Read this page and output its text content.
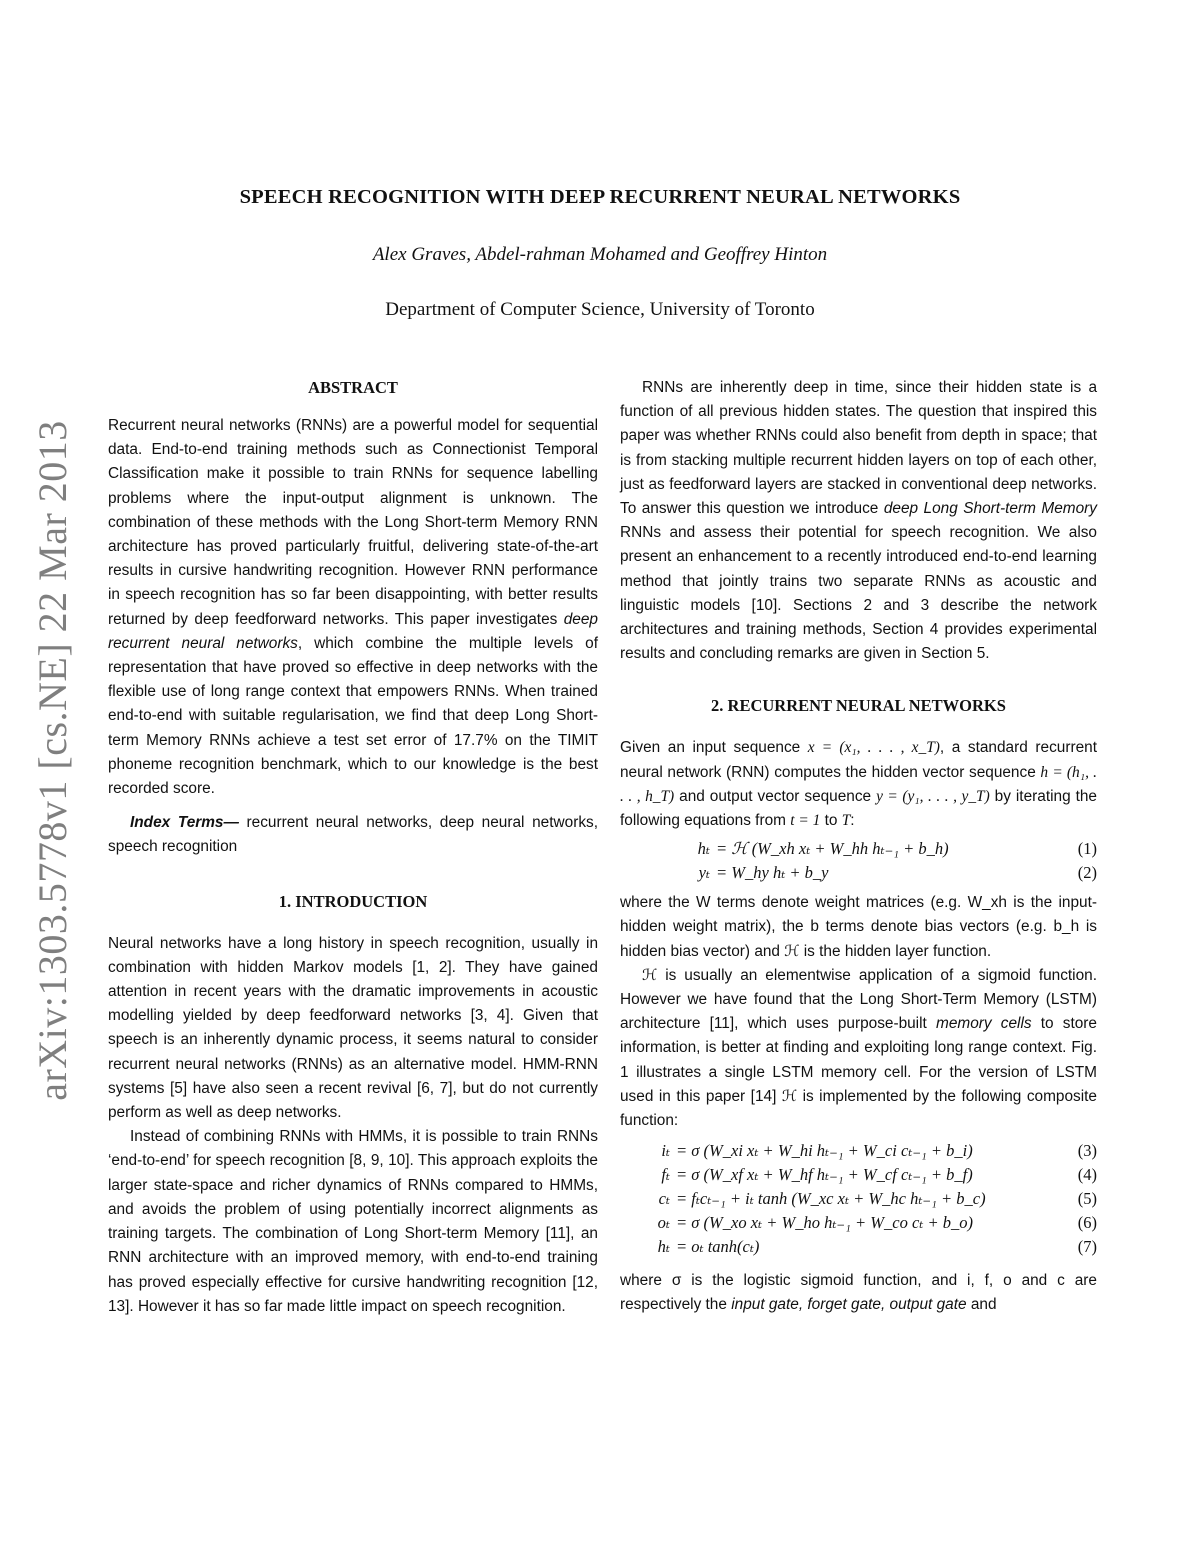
arXiv:1303.5778v1 [cs.NE] 22 Mar 2013
SPEECH RECOGNITION WITH DEEP RECURRENT NEURAL NETWORKS
Alex Graves, Abdel-rahman Mohamed and Geoffrey Hinton
Department of Computer Science, University of Toronto

ABSTRACT

Recurrent neural networks (RNNs) are a powerful model for sequential data. End-to-end training methods such as Connectionist Temporal Classification make it possible to train RNNs for sequence labelling problems where the input-output alignment is unknown. The combination of these methods with the Long Short-term Memory RNN architecture has proved particularly fruitful, delivering state-of-the-art results in cursive handwriting recognition. However RNN performance in speech recognition has so far been disappointing, with better results returned by deep feedforward networks. This paper investigates deep recurrent neural networks, which combine the multiple levels of representation that have proved so effective in deep networks with the flexible use of long range context that empowers RNNs. When trained end-to-end with suitable regularisation, we find that deep Long Short-term Memory RNNs achieve a test set error of 17.7% on the TIMIT phoneme recognition benchmark, which to our knowledge is the best recorded score.

Index Terms— recurrent neural networks, deep neural networks, speech recognition

1. INTRODUCTION

Neural networks have a long history in speech recognition, usually in combination with hidden Markov models [1, 2]. They have gained attention in recent years with the dramatic improvements in acoustic modelling yielded by deep feedforward networks [3, 4]. Given that speech is an inherently dynamic process, it seems natural to consider recurrent neural networks (RNNs) as an alternative model. HMM-RNN systems [5] have also seen a recent revival [6, 7], but do not currently perform as well as deep networks.

Instead of combining RNNs with HMMs, it is possible to train RNNs ‘end-to-end’ for speech recognition [8, 9, 10]. This approach exploits the larger state-space and richer dynamics of RNNs compared to HMMs, and avoids the problem of using potentially incorrect alignments as training targets. The combination of Long Short-term Memory [11], an RNN architecture with an improved memory, with end-to-end training has proved especially effective for cursive handwriting recognition [12, 13]. However it has so far made little impact on speech recognition.

RNNs are inherently deep in time, since their hidden state is a function of all previous hidden states. The question that inspired this paper was whether RNNs could also benefit from depth in space; that is from stacking multiple recurrent hidden layers on top of each other, just as feedforward layers are stacked in conventional deep networks. To answer this question we introduce deep Long Short-term Memory RNNs and assess their potential for speech recognition. We also present an enhancement to a recently introduced end-to-end learning method that jointly trains two separate RNNs as acoustic and linguistic models [10]. Sections 2 and 3 describe the network architectures and training methods, Section 4 provides experimental results and concluding remarks are given in Section 5.

2. RECURRENT NEURAL NETWORKS

Given an input sequence x = (x₁, . . . , x_T), a standard recurrent neural network (RNN) computes the hidden vector sequence h = (h₁, . . . , h_T) and output vector sequence y = (y₁, . . . , y_T) by iterating the following equations from t = 1 to T:

hₜ = ℋ (W_xh xₜ + W_hh hₜ₋₁ + b_h)	(1)
yₜ = W_hy hₜ + b_y	(2)

where the W terms denote weight matrices (e.g. W_xh is the input-hidden weight matrix), the b terms denote bias vectors (e.g. b_h is hidden bias vector) and ℋ is the hidden layer function.

ℋ is usually an elementwise application of a sigmoid function. However we have found that the Long Short-Term Memory (LSTM) architecture [11], which uses purpose-built memory cells to store information, is better at finding and exploiting long range context. Fig. 1 illustrates a single LSTM memory cell. For the version of LSTM used in this paper [14] ℋ is implemented by the following composite function:

iₜ = σ (W_xi xₜ + W_hi hₜ₋₁ + W_ci cₜ₋₁ + b_i)	(3)
fₜ = σ (W_xf xₜ + W_hf hₜ₋₁ + W_cf cₜ₋₁ + b_f)	(4)
cₜ = fₜcₜ₋₁ + iₜ tanh (W_xc xₜ + W_hc hₜ₋₁ + b_c)	(5)
oₜ = σ (W_xo xₜ + W_ho hₜ₋₁ + W_co cₜ + b_o)	(6)
hₜ = oₜ tanh(cₜ)	(7)

where σ is the logistic sigmoid function, and i, f, o and c are respectively the input gate, forget gate, output gate and
